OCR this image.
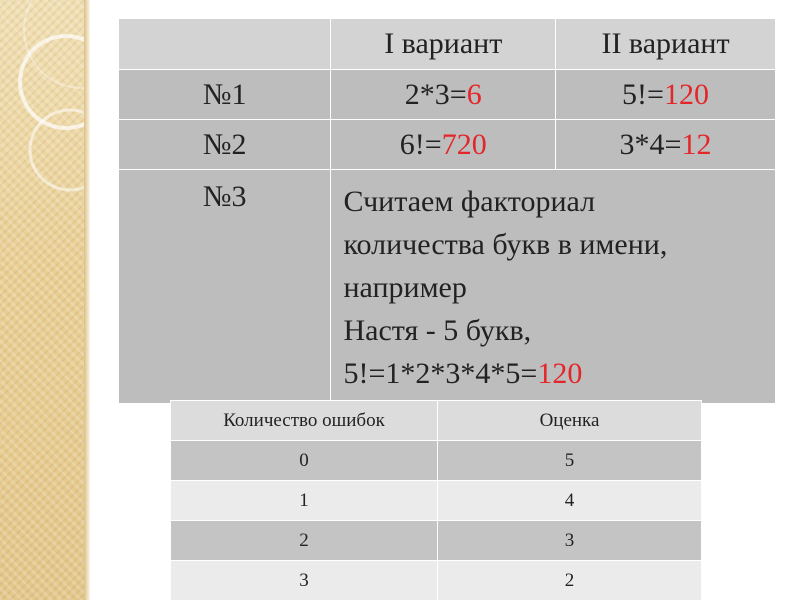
	I вариант	II вариант
№1	2*3=6	5!=120
№2	6!=720	3*4=12
№3	Считаем факториал
количества букв в имени,
например
Настя - 5 букв,
5!=1*2*3*4*5=120	
Количество ошибок	Оценка
0	5
1	4
2	3
3	2
